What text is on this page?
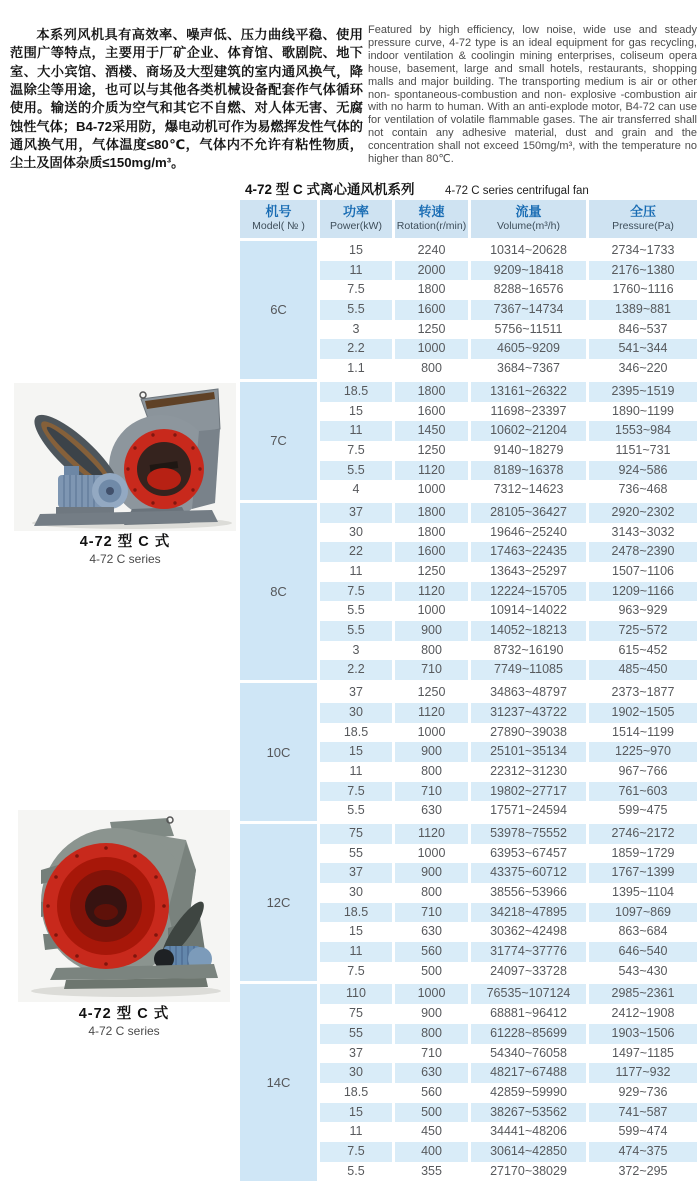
本系列风机具有高效率、噪声低、压力曲线平稳、使用范围广等特点，主要用于厂矿企业、体育馆、歌剧院、地下室、大小宾馆、酒楼、商场及大型建筑的室内通风换气，降温除尘等用途，也可以与其他各类机械设备配套作气体循环使用。输送的介质为空气和其它不自燃、对人体无害、无腐蚀性气体；B4-72采用防，爆电动机可作为易燃挥发性气体的通风换气用，气体温度≤80℃，气体内不允许有粘性物质，尘土及固体杂质≤150mg/m³。

Featured by high efficiency, low noise, wide use and steady pressure curve, 4-72 type is an ideal equipment for gas recycling, indoor ventilation & coolingin mining enterprises, coliseum opera house, basement, large and small hotels, restaurants, shopping malls and major building. The transporting medium is air or other non- spontaneous-combustion and non- explosive -combustion air with no harm to human. With an anti-explode motor, B4-72 can use for ventilation of volatile flammable gases. The air transferred shall not contain any adhesive material, dust and grain and the concentration shall not exceed 150mg/m³, with the temperature no higher than 80℃.

4-72 型 C 式离心通风机系列	4-72 C series centrifugal fan
机号
Model( № )
功率
Power(kW)
转速
Rotation(r/min)
流量
Volume(m³/h)
全压
Pressure(Pa)
6C
15	2240	10314~20628	2734~1733
11	2000	9209~18418	2176~1380
7.5	1800	8288~16576	1760~1116
5.5	1600	7367~14734	1389~881
3	1250	5756~11511	846~537
2.2	1000	4605~9209	541~344
1.1	800	3684~7367	346~220
7C
18.5	1800	13161~26322	2395~1519
15	1600	11698~23397	1890~1199
11	1450	10602~21204	1553~984
7.5	1250	9140~18279	1151~731
5.5	1120	8189~16378	924~586
4	1000	7312~14623	736~468
8C
37	1800	28105~36427	2920~2302
30	1800	19646~25240	3143~3032
22	1600	17463~22435	2478~2390
11	1250	13643~25297	1507~1106
7.5	1120	12224~15705	1209~1166
5.5	1000	10914~14022	963~929
5.5	900	14052~18213	725~572
3	800	8732~16190	615~452
2.2	710	7749~11085	485~450
10C
37	1250	34863~48797	2373~1877
30	1120	31237~43722	1902~1505
18.5	1000	27890~39038	1514~1199
15	900	25101~35134	1225~970
11	800	22312~31230	967~766
7.5	710	19802~27717	761~603
5.5	630	17571~24594	599~475
12C
75	1120	53978~75552	2746~2172
55	1000	63953~67457	1859~1729
37	900	43375~60712	1767~1399
30	800	38556~53966	1395~1104
18.5	710	34218~47895	1097~869
15	630	30362~42498	863~684
11	560	31774~37776	646~540
7.5	500	24097~33728	543~430
14C
110	1000	76535~107124	2985~2361
75	900	68881~96412	2412~1908
55	800	61228~85699	1903~1506
37	710	54340~76058	1497~1185
30	630	48217~67488	1177~932
18.5	560	42859~59990	929~736
15	500	38267~53562	741~587
11	450	34441~48206	599~474
7.5	400	30614~42850	474~375
5.5	355	27170~38029	372~295
4-72 型 C 式
4-72 C series
4-72 型 C 式
4-72 C series
